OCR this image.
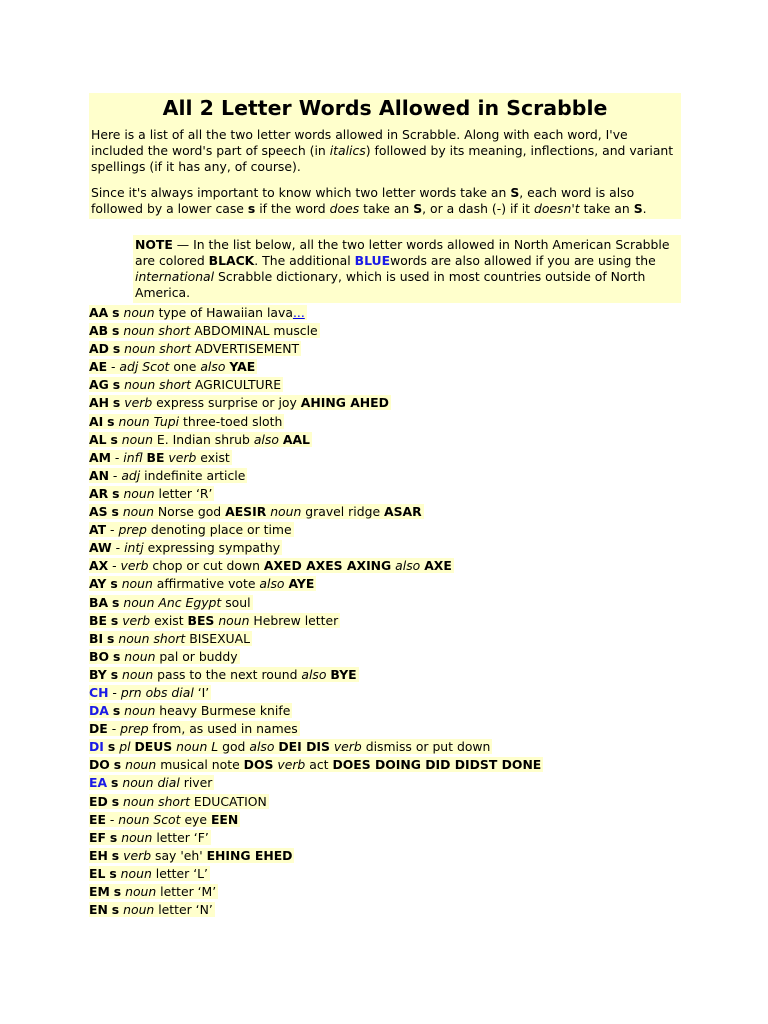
All 2 Letter Words Allowed in Scrabble

Here is a list of all the two letter words allowed in Scrabble. Along with each word, I've included the word's part of speech (in italics) followed by its meaning, inflections, and variant spellings (if it has any, of course).

Since it's always important to know which two letter words take an S, each word is also followed by a lower case s if the word does take an S, or a dash (-) if it doesn't take an S.

NOTE — In the list below, all the two letter words allowed in North American Scrabble are colored BLACK. The additional BLUEwords are also allowed if you are using the international Scrabble dictionary, which is used in most countries outside of North America.
AA s noun type of Hawaiian lava...
AB s noun short ABDOMINAL muscle
AD s noun short ADVERTISEMENT
AE - adj Scot one also YAE
AG s noun short AGRICULTURE
AH s verb express surprise or joy AHING AHED
AI s noun Tupi three-toed sloth
AL s noun E. Indian shrub also AAL
AM - infl BE verb exist
AN - adj indefinite article
AR s noun letter ‘R’
AS s noun Norse god AESIR noun gravel ridge ASAR
AT - prep denoting place or time
AW - intj expressing sympathy
AX - verb chop or cut down AXED AXES AXING also AXE
AY s noun affirmative vote also AYE
BA s noun Anc Egypt soul
BE s verb exist BES noun Hebrew letter
BI s noun short BISEXUAL
BO s noun pal or buddy
BY s noun pass to the next round also BYE
CH - prn obs dial ‘I’
DA s noun heavy Burmese knife
DE - prep from, as used in names
DI s pl DEUS noun L god also DEI DIS verb dismiss or put down
DO s noun musical note DOS verb act DOES DOING DID DIDST DONE
EA s noun dial river
ED s noun short EDUCATION
EE - noun Scot eye EEN
EF s noun letter ‘F’
EH s verb say 'eh' EHING EHED
EL s noun letter ‘L’
EM s noun letter ‘M’
EN s noun letter ‘N’
